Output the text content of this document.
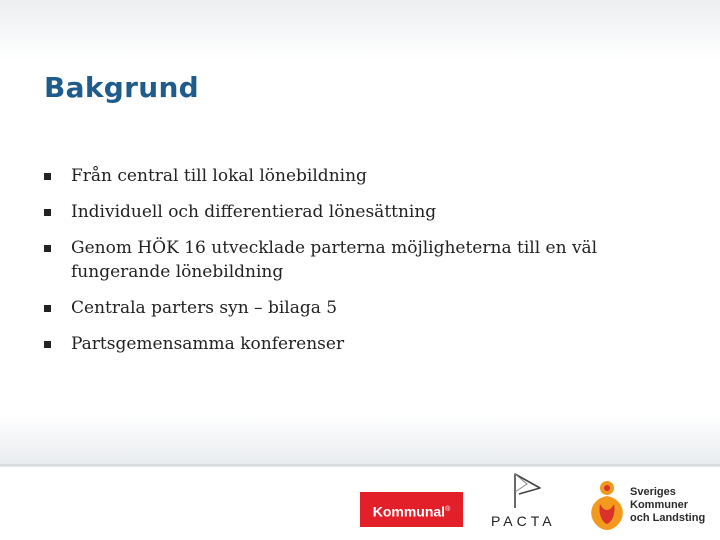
Bakgrund
Från central till lokal lönebildning
Individuell och differentierad lönesättning
Genom HÖK 16 utvecklade parterna möjligheterna till en väl fungerande lönebildning
Centrala parters syn – bilaga 5
Partsgemensamma konferenser
Kommunal®
PACTA
Sveriges
Kommuner
och Landsting
